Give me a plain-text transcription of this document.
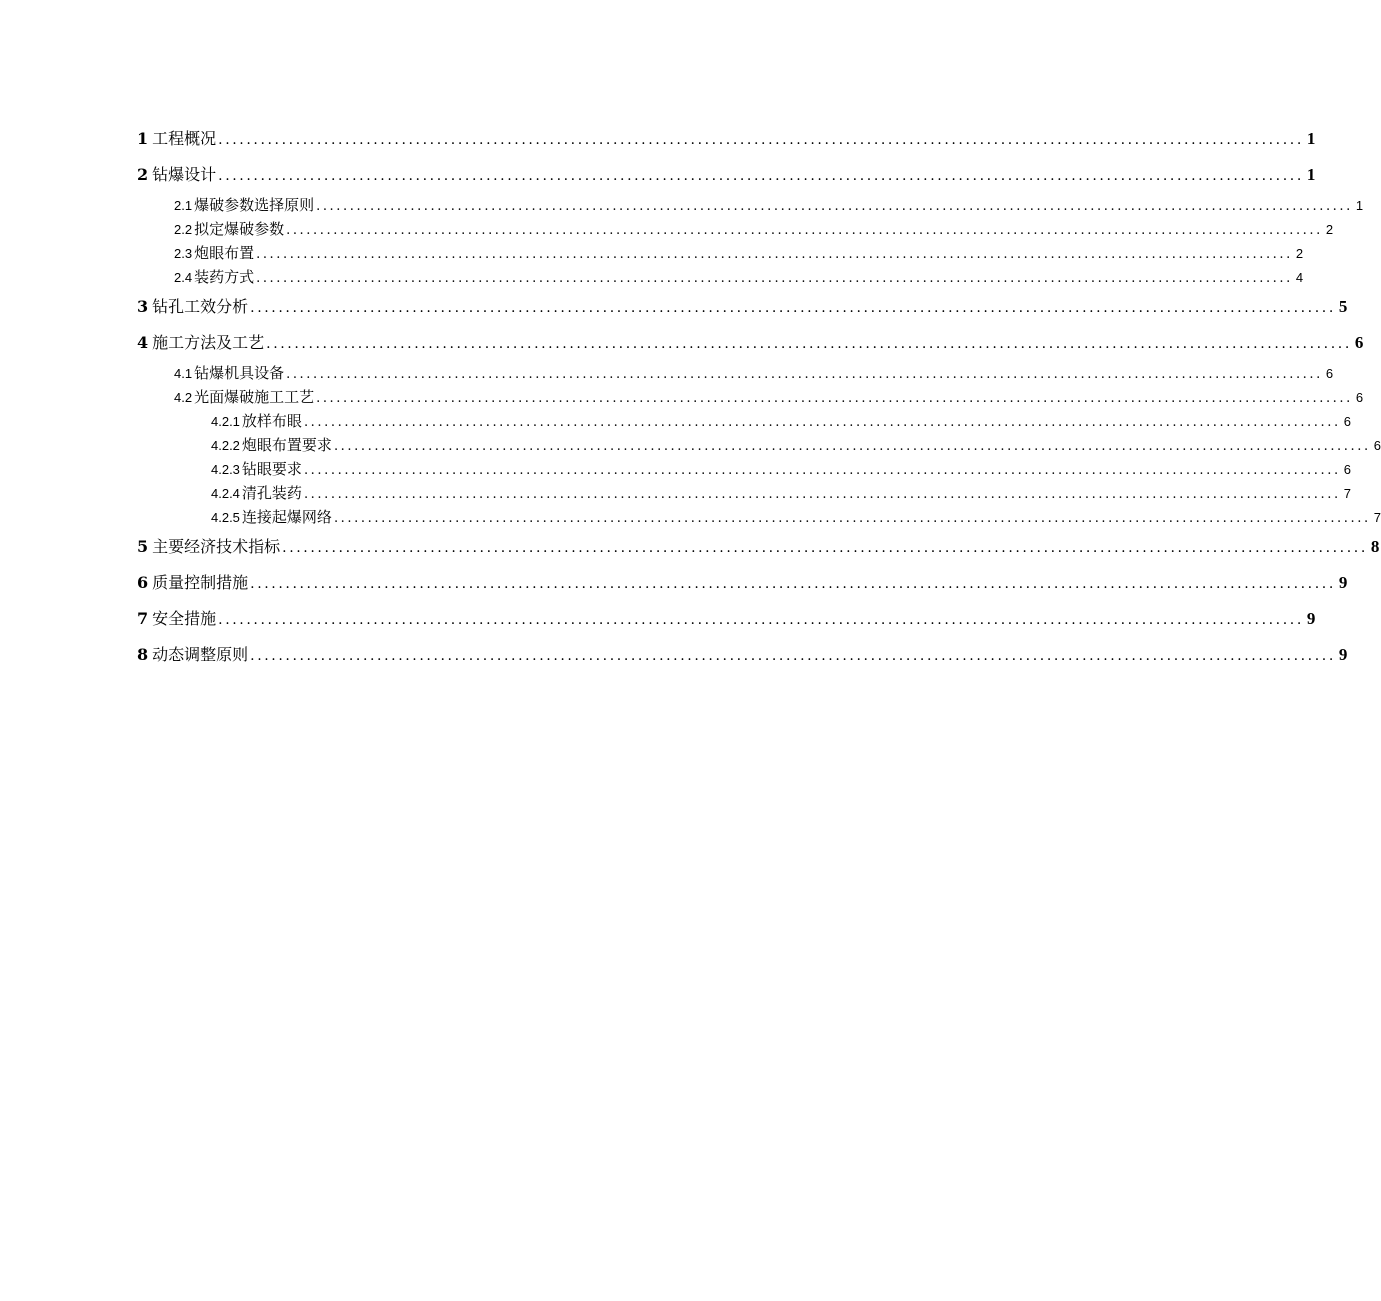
1 工程概况 .......................................................................................................................................................... 1
2 钻爆设计 .......................................................................................................................................................... 1
2.1 爆破参数选择原则 .......................................................................................................................................................... 1
2.2 拟定爆破参数 .......................................................................................................................................................... 2
2.3 炮眼布置 .......................................................................................................................................................... 2
2.4 装药方式 .......................................................................................................................................................... 4
3 钻孔工效分析 .......................................................................................................................................................... 5
4 施工方法及工艺 .......................................................................................................................................................... 6
4.1 钻爆机具设备 .......................................................................................................................................................... 6
4.2 光面爆破施工工艺 .......................................................................................................................................................... 6
4.2.1 放样布眼 .......................................................................................................................................................... 6
4.2.2 炮眼布置要求 .......................................................................................................................................................... 6
4.2.3 钻眼要求 .......................................................................................................................................................... 6
4.2.4 清孔装药 .......................................................................................................................................................... 7
4.2.5 连接起爆网络 .......................................................................................................................................................... 7
5 主要经济技术指标 .......................................................................................................................................................... 8
6 质量控制措施 .......................................................................................................................................................... 9
7 安全措施 .......................................................................................................................................................... 9
8 动态调整原则 .......................................................................................................................................................... 9
